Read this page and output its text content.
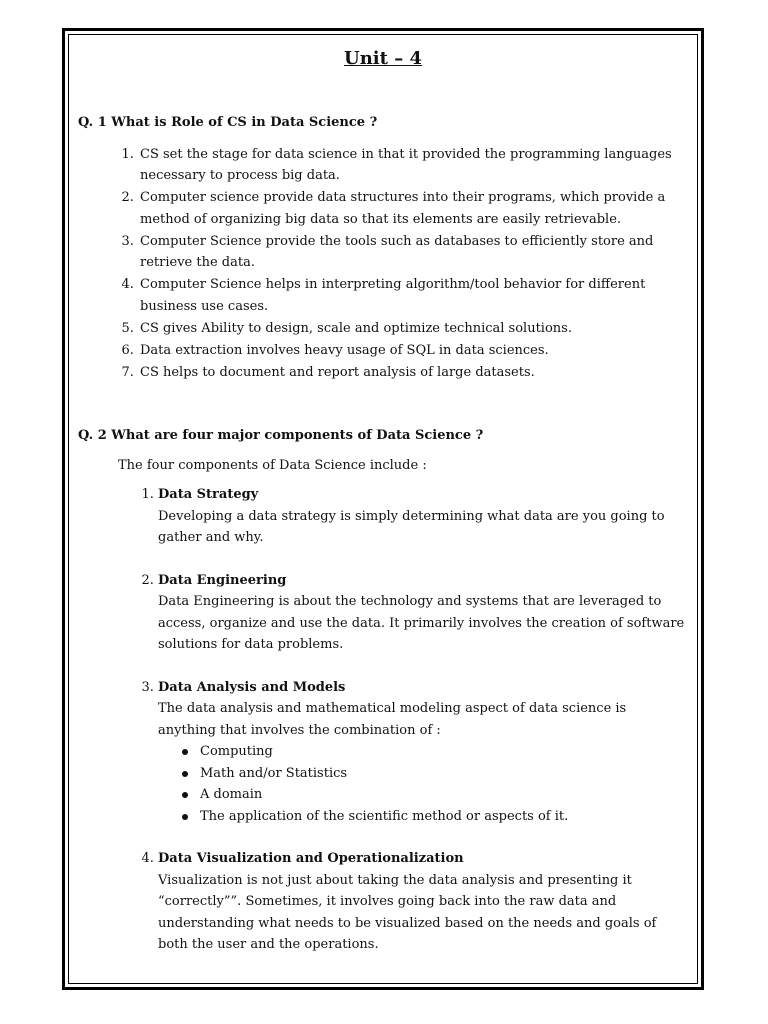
Unit – 4

Q. 1 What is Role of CS in Data Science ?

1. CS set the stage for data science in that it provided the programming languages necessary to process big data.
2. Computer science provide data structures into their programs, which provide a method of organizing big data so that its elements are easily retrievable.
3. Computer Science provide the tools such as databases to efficiently store and retrieve the data.
4. Computer Science helps in interpreting algorithm/tool behavior for different business use cases.
5. CS gives Ability to design, scale and optimize technical solutions.
6. Data extraction involves heavy usage of SQL in data sciences.
7. CS helps to document and report analysis of large datasets.

Q. 2 What are four major components of Data Science ?

The four components of Data Science include :

1. Data Strategy

Developing a data strategy is simply determining what data are you going to gather and why.

2. Data Engineering

Data Engineering is about the technology and systems that are leveraged to access, organize and use the data. It primarily involves the creation of software solutions for data problems.

3. Data Analysis and Models

The data analysis and mathematical modeling aspect of data science is anything that involves the combination of :

Computing
Math and/or Statistics
A domain
The application of the scientific method or aspects of it.
4. Data Visualization and Operationalization

Visualization is not just about taking the data analysis and presenting it “correctly””. Sometimes, it involves going back into the raw data and understanding what needs to be visualized based on the needs and goals of both the user and the operations.
